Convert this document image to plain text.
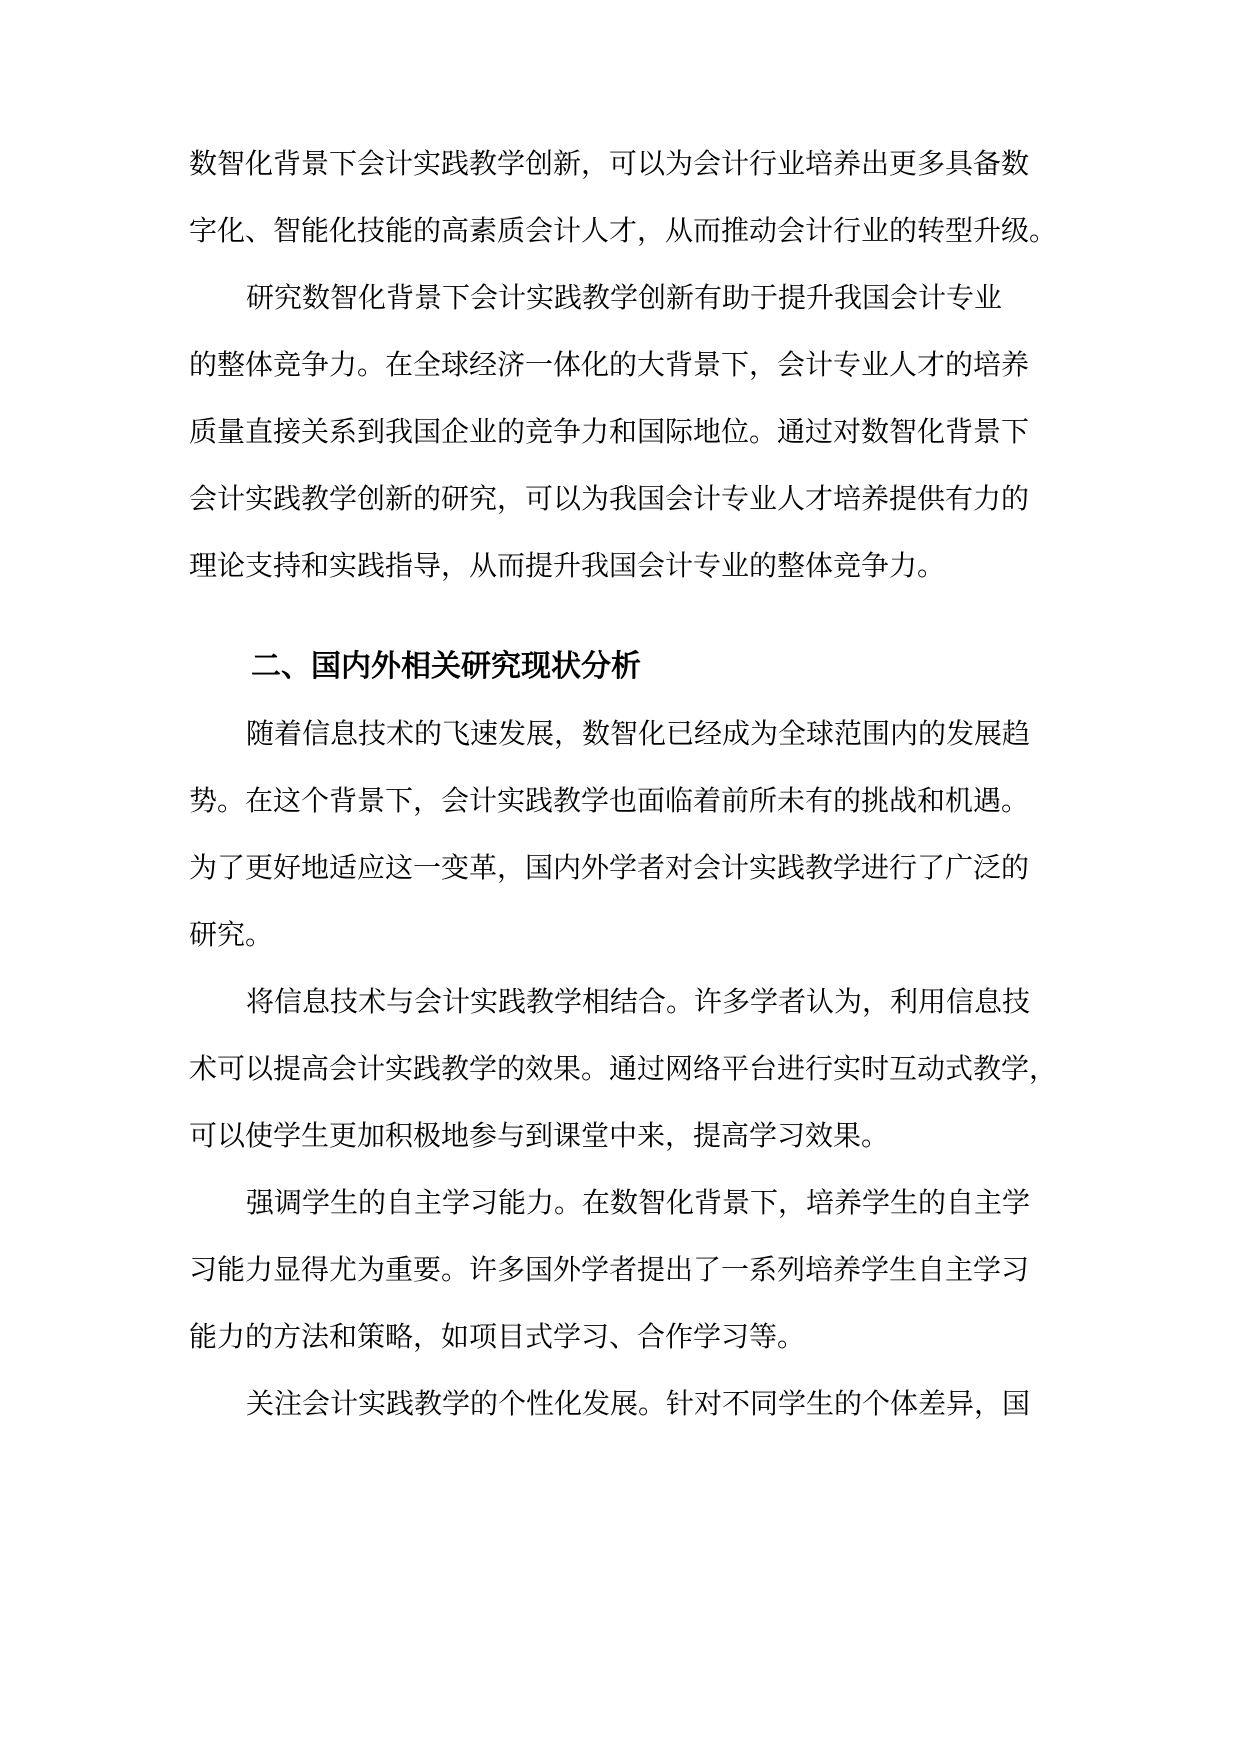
数智化背景下会计实践教学创新，可以为会计行业培养出更多具备数
字化、智能化技能的高素质会计人才，从而推动会计行业的转型升级。
研究数智化背景下会计实践教学创新有助于提升我国会计专业
的整体竞争力。在全球经济一体化的大背景下，会计专业人才的培养
质量直接关系到我国企业的竞争力和国际地位。通过对数智化背景下
会计实践教学创新的研究，可以为我国会计专业人才培养提供有力的
理论支持和实践指导，从而提升我国会计专业的整体竞争力。
二、国内外相关研究现状分析
随着信息技术的飞速发展，数智化已经成为全球范围内的发展趋
势。在这个背景下，会计实践教学也面临着前所未有的挑战和机遇。
为了更好地适应这一变革，国内外学者对会计实践教学进行了广泛的
研究。
将信息技术与会计实践教学相结合。许多学者认为，利用信息技
术可以提高会计实践教学的效果。通过网络平台进行实时互动式教学，
可以使学生更加积极地参与到课堂中来，提高学习效果。
强调学生的自主学习能力。在数智化背景下，培养学生的自主学
习能力显得尤为重要。许多国外学者提出了一系列培养学生自主学习
能力的方法和策略，如项目式学习、合作学习等。
关注会计实践教学的个性化发展。针对不同学生的个体差异，国
